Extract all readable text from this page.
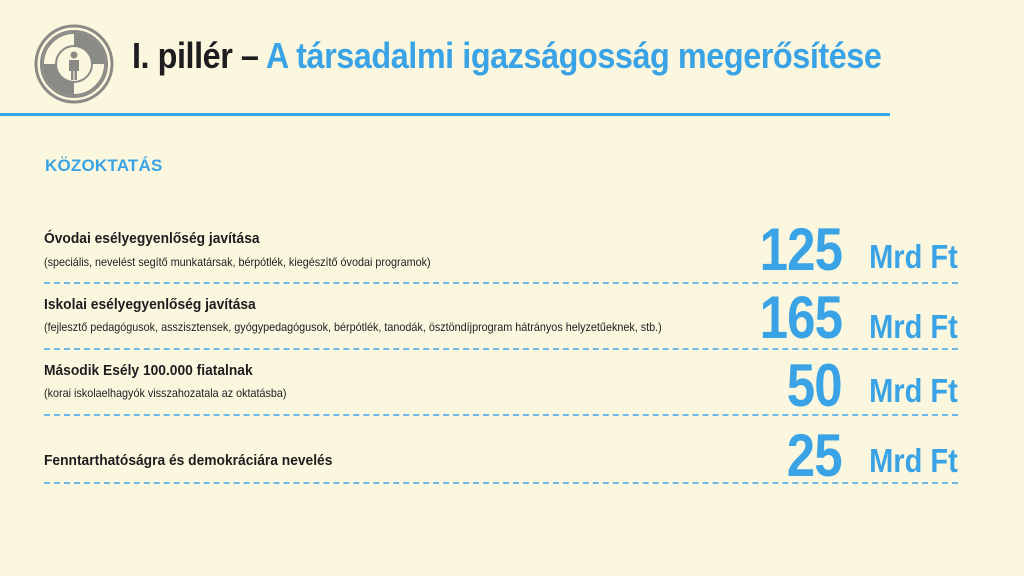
I. pillér – A társadalmi igazságosság megerősítése
KÖZOKTATÁS
Óvodai esélyegyenlőség javítása
(speciális, nevelést segítő munkatársak, bérpótlék, kiegészítő óvodai programok)	125 Mrd Ft
Iskolai esélyegyenlőség javítása
(fejlesztő pedagógusok, asszisztensek, gyógypedagógusok, bérpótlék, tanodák, ösztöndíjprogram hátrányos helyzetűeknek, stb.) 165 Mrd Ft
Második Esély 100.000 fiatalnak
(korai iskolaelhagyók visszahozatala az oktatásba)	50 Mrd Ft
Fenntarthatóságra és demokráciára nevelés	25 Mrd Ft
